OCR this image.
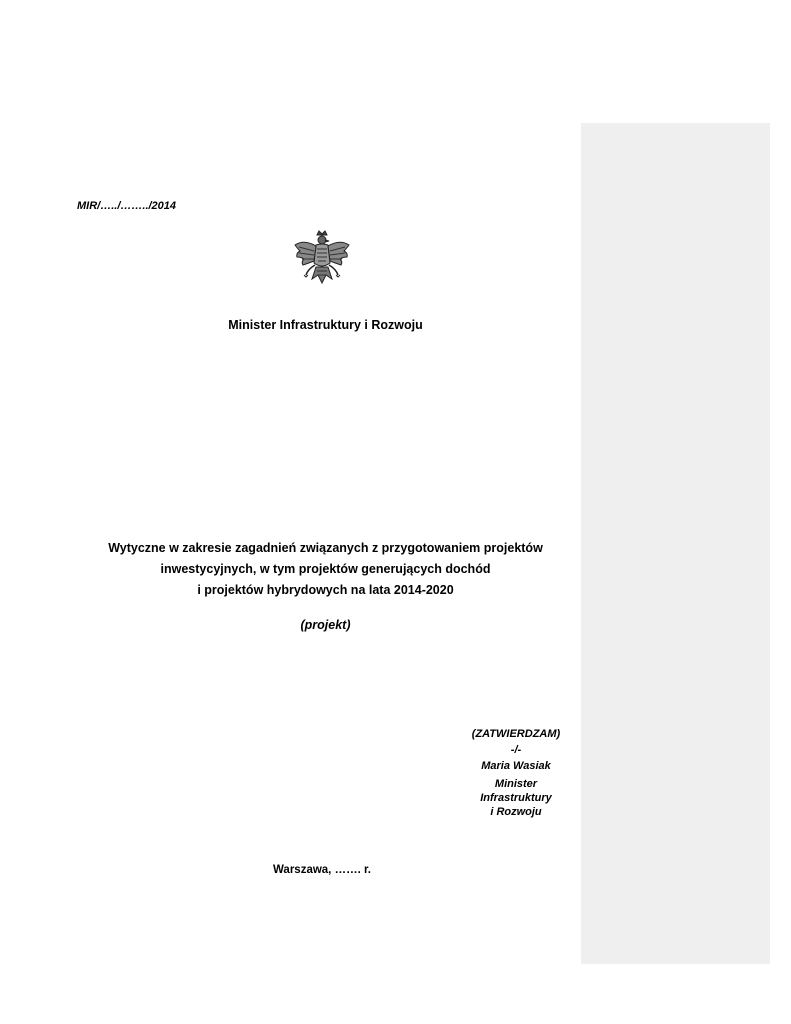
MIR/…../……../2014
Minister Infrastruktury i Rozwoju
Wytyczne w zakresie zagadnień związanych z przygotowaniem projektów
inwestycyjnych, w tym projektów generujących dochód
i projektów hybrydowych na lata 2014-2020
(projekt)
(ZATWIERDZAM)
-/-
Maria Wasiak
Minister
Infrastruktury
i Rozwoju
Warszawa, ……. r.
